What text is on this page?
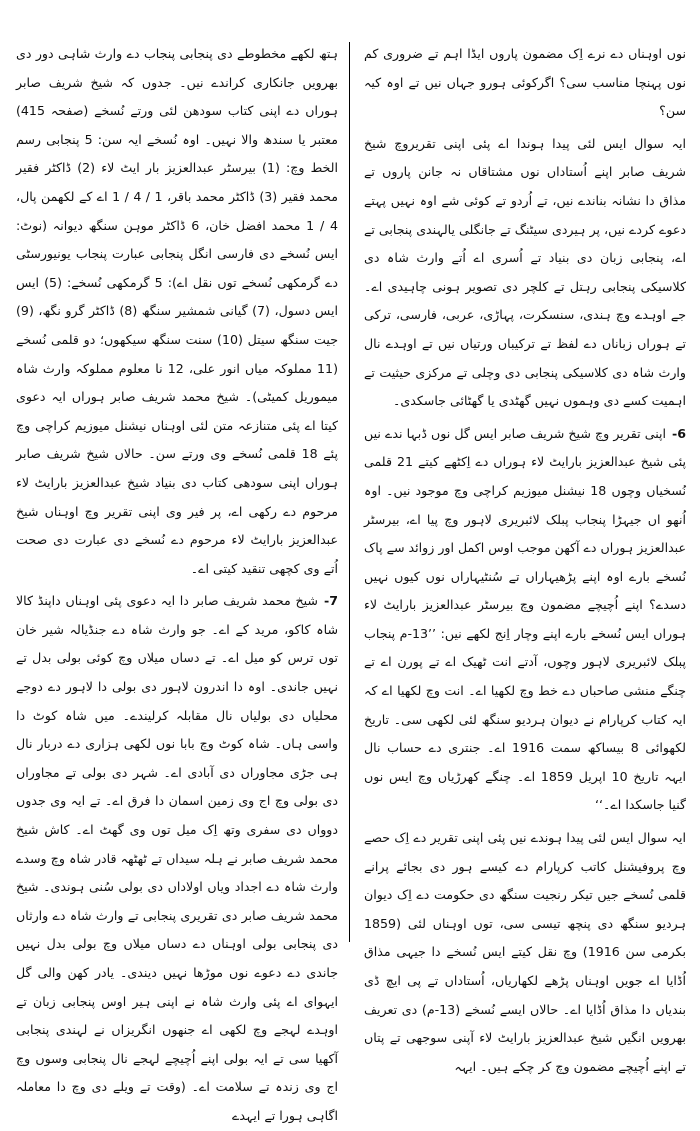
نوں اوہناں دے نرے اِک مضمون پاروں ایڈا اہم تے ضروری کم نوں پہنچا مناسب سی؟ اگرکوئی ہورو جہاں نیں تے اوہ کیہ سن؟

ایہ سوال ایس لئی پیدا ہوندا اے پئی اپنی تقریروچ شیخ شریف صابر اپنے اُستاداں نوں مشتاقاں نہ جانن پاروں تے مذاق دا نشانہ بناندے نیں، تے اُردو تے کوئی شے اوہ نہیں پہتے دعوے کردے نیں، پر ہیردی سیٹنگ تے جانگلی یالہندی پنجابی تے اے، پنجابی زبان دی بنیاد تے اُسری اے اُتے وارث شاہ دی کلاسیکی پنجابی رہتل تے کلچر دی تصویر ہونی چاہیدی اے۔ جے اوہدے وچ ہندی، سنسکرت، پہاڑی، عربی، فارسی، ترکی تے ہوراں زباناں دے لفظ تے ترکیباں ورتیاں نیں تے اوہدے نال وارث شاہ دی کلاسیکی پنجابی دی وچلی تے مرکزی حیثیت تے اہمیت کسے دی وہموں نہیں گھٹدی یا گھٹائی جاسکدی۔

6-اپنی تقریر وچ شیخ شریف صابر ایس گل نوں ڈبہا ندے نیں پئی شیخ عبدالعزیز بارایٹ لاء ہوراں دے اِکٹھے کیتے 21 قلمی نُسخیاں وچوں 18 نیشنل میوزیم کراچی وچ موجود نیں۔ اوہ اُنھو اں جیہڑا پنجاب پبلک لائبریری لاہور وچ پیا اے، بیرسٹر عبدالعزیز ہوراں دے آکھن موجب اوس اکمل اور زوائد سے پاک نُسخے بارے اوہ اپنے پڑھیہاراں تے سُنٹیہاراں نوں کیوں نہیں دسدے؟ اپنے اُچیچے مضمون وچ بیرسٹر عبدالعزیز بارایٹ لاء ہوراں ایس نُسخے بارے اپنے وچار اِنج لکھے نیں: ’’13-م پنجاب پبلک لائبریری لاہور وچوں، آدتے انت ٹھیک اے تے پورن اے تے چنگے منشی صاحباں دے خط وچ لکھیا اے۔ انت وچ لکھیا اے کہ ایہ کتاب کرپارام نے دیوان ہردیو سنگھ لئی لکھی سی۔ تاریخ لکھوائی 8 بیساکھ سمت 1916 اے۔ جنتری دے حساب نال ایہہ تاریخ 10 اپریل 1859 اے۔ چنگے کھرڑیاں وچ ایس نوں گنیا جاسکدا اے۔‘‘

ایہ سوال ایس لئی پیدا ہوندے نیں پئی اپنی تقریر دے اِک حصے وچ پروفیشنل کاتب کرپارام دے کیسے ہور دی بجائے پرانے قلمی نُسخے جیں تیکر رنجیت سنگھ دی حکومت دے اِک دیوان ہردیو سنگھ دی پنچھ تیسی سی، توں اوہناں لئی (1859 بکرمی سن 1916) وچ نقل کیتے ایس نُسخے دا جیہی مذاق اُڈایا اے جویں اوہناں پڑھے لکھاریاں، اُستاداں تے پی ایچ ڈی بندیاں دا مذاق اُڈایا اے۔ حالاں ایسے نُسخے (13-م) دی تعریف بھرویں انگیں شیخ عبدالعزیز بارایٹ لاء آپنی سوجھی تے پتاں تے اپنے اُچیچے مضمون وچ کر چکے ہیں۔ ایہہ

ہتھ لکھے مخطوطے دی پنجابی پنجاب دے وارث شاہی دور دی بھرویں جانکاری کراندے نیں۔ جدوں کہ شیخ شریف صابر ہوراں دے اپنی کتاب سودھن لئی ورتے نُسخے (صفحہ 415) معتبر یا سندھ والا نہیں۔ اوہ نُسخے ایہ سن: 5 پنجابی رسم الخط وچ: (1) بیرسٹر عبدالعزیز بار ایٹ لاء (2) ڈاکٹر فقیر محمد فقیر (3) ڈاکٹر محمد باقر، 1 / 4 / 1 اے کے لکھمن پال، 4 / 1 محمد افضل خان، 6 ڈاکٹر موہن سنگھ دیوانہ (نوٹ: ایس نُسخے دی فارسی انگل پنجابی عبارت پنجاب یونیورسٹی دے گرمکھی نُسخے توں نقل اے): 5 گرمکھی نُسخے: (5) ایس ایس دسول، (7) گیانی شمشیر سنگھ (8) ڈاکٹر گرو نگھ، (9) جیت سنگھ سیتل (10) سنت سنگھ سیکھوں؛ دو قلمی نُسخے (11 مملوکہ میاں انور علی، 12 نا معلوم مملوکہ وارث شاہ میموریل کمیٹی)۔ شیخ محمد شریف صابر ہوراں ایہ دعوی کیتا اے پئی متنازعہ متن لئی اوہناں نیشنل میوزیم کراچی وچ پئے 18 قلمی نُسخے وی ورتے سن۔ حالاں شیخ شریف صابر ہوراں اپنی سودھی کتاب دی بنیاد شیخ عبدالعزیز بارایٹ لاء مرحوم دے رکھی اے، پر فیر وی اپنی تقریر وچ اوہناں شیخ عبدالعزیز بارایٹ لاء مرحوم دے نُسخے دی عبارت دی صحت اُتے وی کچھی تنقید کیتی اے۔

7-شیخ محمد شریف صابر دا ایہ دعوی پئی اوہناں داپنڈ کالا شاہ کاکو، مرید کے اے۔ جو وارث شاہ دے جنڈیالہ شیر خان توں ترس کو میل اے۔ تے دساں میلاں وچ کوئی بولی بدل تے نہیں جاندی۔ اوہ دا اندرون لاہور دی بولی دا لاہور دے دوجے محلیاں دی بولیاں نال مقابلہ کرلیندے۔ میں شاہ کوٹ دا واسی ہاں۔ شاہ کوٹ وچ بابا نوں لکھی ہزاری دے دربار نال ہی جڑی مجاوراں دی آبادی اے۔ شہر دی بولی تے مجاوراں دی بولی وچ اج وی زمین اسمان دا فرق اے۔ تے ایہ وی جدوں دوواں دی سفری وتھ اِک میل توں وی گھٹ اے۔ کاش شیخ محمد شریف صابر نے ہلہ سیداں تے ٹھٹھہ قادر شاہ وچ وسدے وارث شاہ دے اجداد ویاں اولاداں دی بولی سُنی ہوندی۔ شیخ محمد شریف صابر دی تقریری پنجابی تے وارث شاہ دے وارثاں دی پنجابی بولی اوہناں دے دساں میلاں وچ بولی بدل نہیں جاندی دے دعوے نوں موڑھا نہیں دیندی۔ یادر کھن والی گل ایہوای اے پئی وارث شاہ نے اپنی ہیر اوس پنجابی زبان تے اوہدے لہجے وچ لکھی اے جنھوں انگریزاں نے لہندی پنجابی آکھیا سی تے ایہ بولی اپنے اُچیچے لہجے نال پنجابی وسوں وچ اج وی زندہ تے سلامت اے۔ (وقت تے ویلے دی وچ دا معاملہ اگاہی ہورا تے ایہدے
